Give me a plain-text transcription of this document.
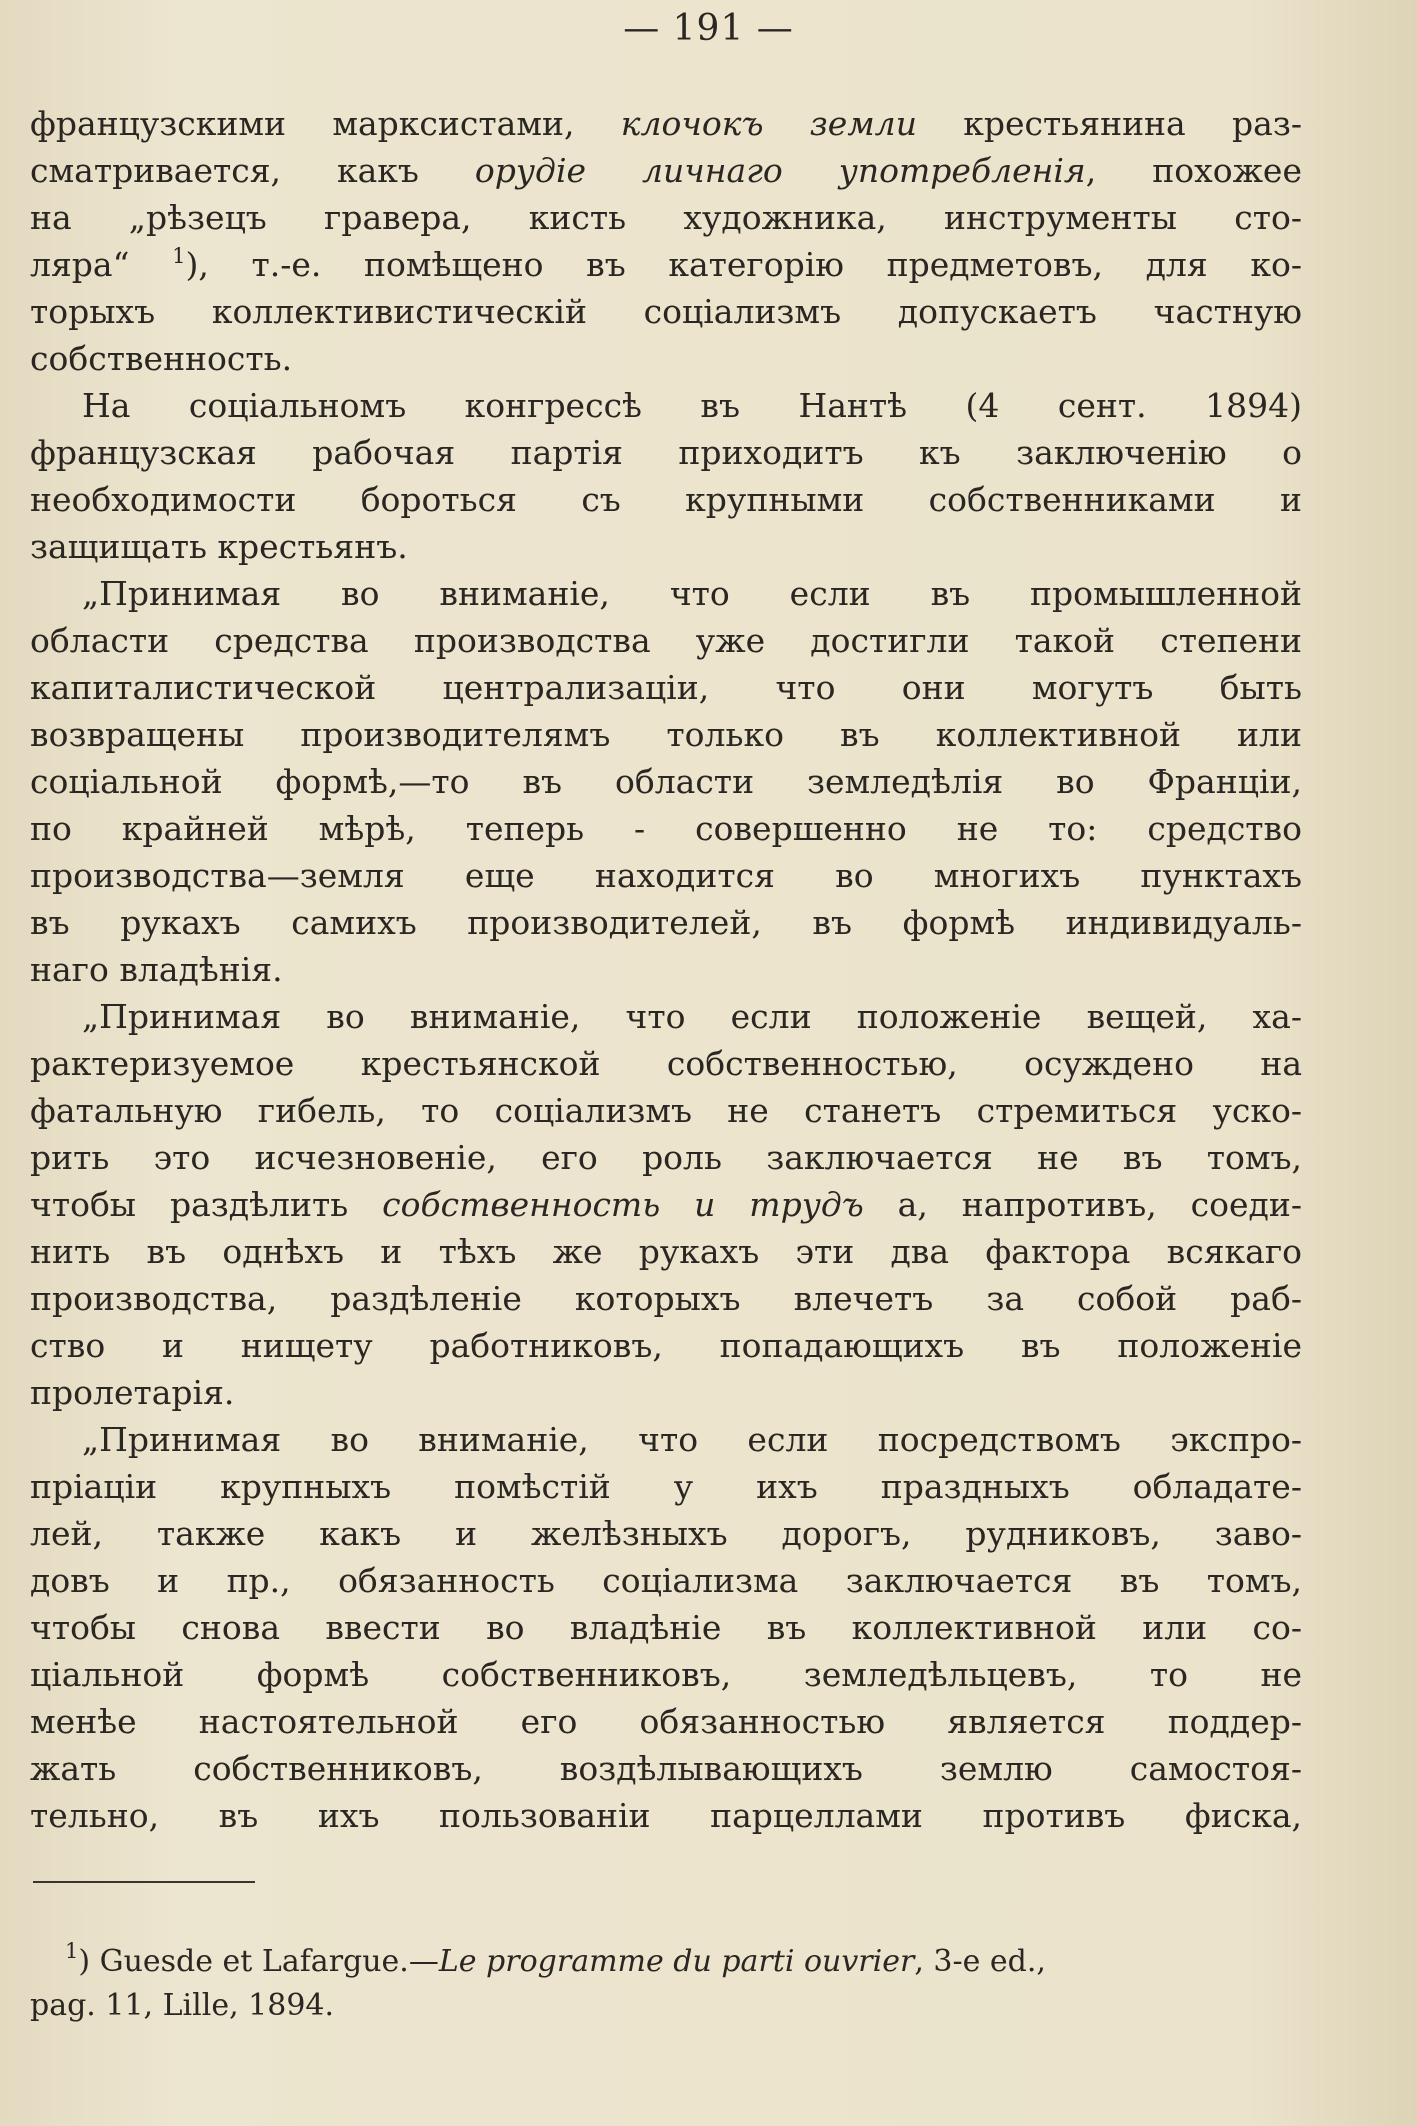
— 191 —
французскими марксистами, клочокъ земли крестьянина раз-
сматривается, какъ орудіе личнаго употребленія, похожее
на „рѣзецъ гравера, кисть художника, инструменты сто-
ляра“ $^1$), т.-е. помѣщено въ категорію предметовъ, для ко-
торыхъ коллективистическій соціализмъ допускаетъ частную
собственность.
На соціальномъ конгрессѣ въ Нантѣ (4 сент. 1894)
французская рабочая партія приходитъ къ заключенію о
необходимости бороться съ крупными собственниками и
защищать крестьянъ.
„Принимая во вниманіе, что если въ промышленной
области средства производства уже достигли такой степени
капиталистической централизаціи, что они могутъ быть
возвращены производителямъ только въ коллективной или
соціальной формѣ,—то въ области земледѣлія во Франціи,
по крайней мѣрѣ, теперь - совершенно не то: средство
производства—земля еще находится во многихъ пунктахъ
въ рукахъ самихъ производителей, въ формѣ индивидуаль-
наго владѣнія.
„Принимая во вниманіе, что если положеніе вещей, ха-
рактеризуемое крестьянской собственностью, осуждено на
фатальную гибель, то соціализмъ не станетъ стремиться уско-
рить это исчезновеніе, его роль заключается не въ томъ,
чтобы раздѣлить собственность и трудъ а, напротивъ, соеди-
нить въ однѣхъ и тѣхъ же рукахъ эти два фактора всякаго
производства, раздѣленіе которыхъ влечетъ за собой раб-
ство и нищету работниковъ, попадающихъ въ положеніе
пролетарія.
„Принимая во вниманіе, что если посредствомъ экспро-
пріаціи крупныхъ помѣстій у ихъ праздныхъ обладате-
лей, также какъ и желѣзныхъ дорогъ, рудниковъ, заво-
довъ и пр., обязанность соціализма заключается въ томъ,
чтобы снова ввести во владѣніе въ коллективной или со-
ціальной формѣ собственниковъ, земледѣльцевъ, то не
менѣе настоятельной его обязанностью является поддер-
жать собственниковъ, воздѣлывающихъ землю самостоя-
тельно, въ ихъ пользованіи парцеллами противъ фиска,
$^1$) Guesde et Lafargue.—Le programme du parti ouvrier, 3-e ed.,
pag. 11, Lille, 1894.
